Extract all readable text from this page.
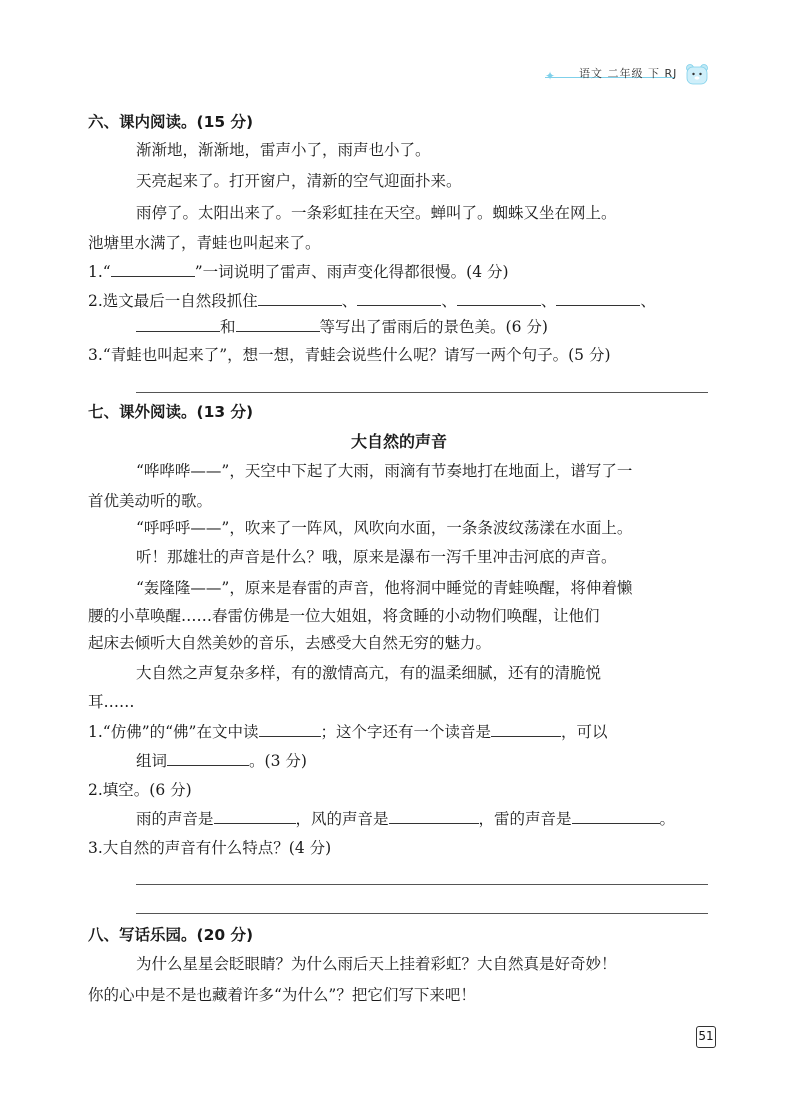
✦ 语文 二年级 下 RJ
六、课内阅读。(15 分)
渐渐地，渐渐地，雷声小了，雨声也小了。
天亮起来了。打开窗户，清新的空气迎面扑来。
雨停了。太阳出来了。一条彩虹挂在天空。蝉叫了。蜘蛛又坐在网上。
池塘里水满了，青蛙也叫起来了。
1.“	”一词说明了雷声、雨声变化得都很慢。(4 分)
2.选文最后一自然段抓住	、	、	、	、
和	等写出了雷雨后的景色美。(6 分)
3.“青蛙也叫起来了”，想一想，青蛙会说些什么呢？请写一两个句子。(5 分)
七、课外阅读。(13 分)
大自然的声音
“哗哗哗——”，天空中下起了大雨，雨滴有节奏地打在地面上，谱写了一
首优美动听的歌。
“呼呼呼——”，吹来了一阵风，风吹向水面，一条条波纹荡漾在水面上。
听！那雄壮的声音是什么？哦，原来是瀑布一泻千里冲击河底的声音。
“轰隆隆——”，原来是春雷的声音，他将洞中睡觉的青蛙唤醒，将伸着懒
腰的小草唤醒……春雷仿佛是一位大姐姐，将贪睡的小动物们唤醒，让他们
起床去倾听大自然美妙的音乐，去感受大自然无穷的魅力。
大自然之声复杂多样，有的激情高亢，有的温柔细腻，还有的清脆悦
耳……
1.“仿佛”的“佛”在文中读	；这个字还有一个读音是	，可以
组词	。(3 分)
2.填空。(6 分)
雨的声音是	，风的声音是	，雷的声音是	。
3.大自然的声音有什么特点？(4 分)
八、写话乐园。(20 分)
为什么星星会眨眼睛？为什么雨后天上挂着彩虹？大自然真是好奇妙！
你的心中是不是也藏着许多“为什么”？把它们写下来吧！
51
